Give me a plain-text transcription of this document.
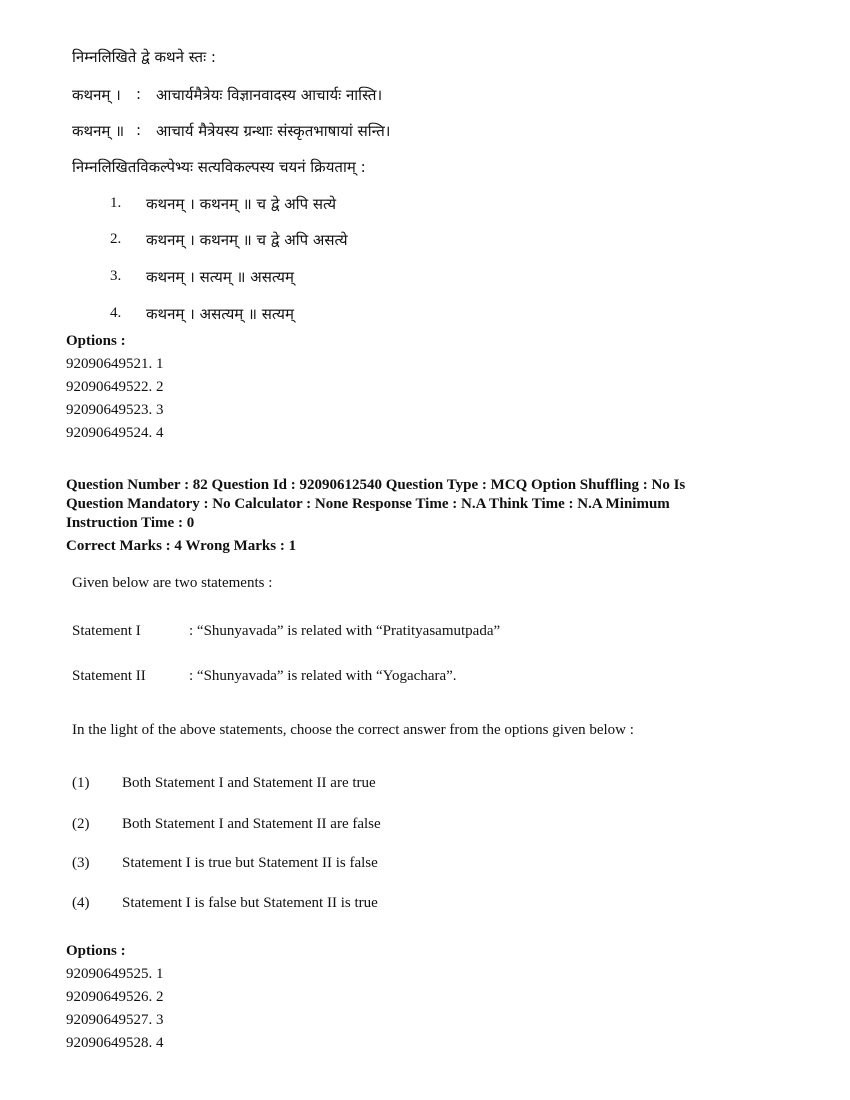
निम्नलिखिते द्वे कथने स्तः :
कथनम् । : आचार्यमैत्रेयः विज्ञानवादस्य आचार्यः नास्ति।
कथनम् ॥ : आचार्य मैत्रेयस्य ग्रन्थाः संस्कृतभाषायां सन्ति।
निम्नलिखितविकल्पेभ्यः सत्यविकल्पस्य चयनं क्रियताम् :
1. कथनम् । कथनम् ॥ च द्वे अपि सत्ये
2. कथनम् । कथनम् ॥ च द्वे अपि असत्ये
3. कथनम् । सत्यम् ॥ असत्यम्
4. कथनम् । असत्यम् ॥ सत्यम्
Options :
92090649521. 1
92090649522. 2
92090649523. 3
92090649524. 4
Question Number : 82 Question Id : 92090612540 Question Type : MCQ Option Shuffling : No Is
Question Mandatory : No Calculator : None Response Time : N.A Think Time : N.A Minimum
Instruction Time : 0
Correct Marks : 4 Wrong Marks : 1
Given below are two statements :
Statement I	: “Shunyavada” is related with “Pratityasamutpada”
Statement II	: “Shunyavada” is related with “Yogachara”.
In the light of the above statements, choose the correct answer from the options given below :
(1) Both Statement I and Statement II are true
(2) Both Statement I and Statement II are false
(3) Statement I is true but Statement II is false
(4) Statement I is false but Statement II is true
Options :
92090649525. 1
92090649526. 2
92090649527. 3
92090649528. 4
